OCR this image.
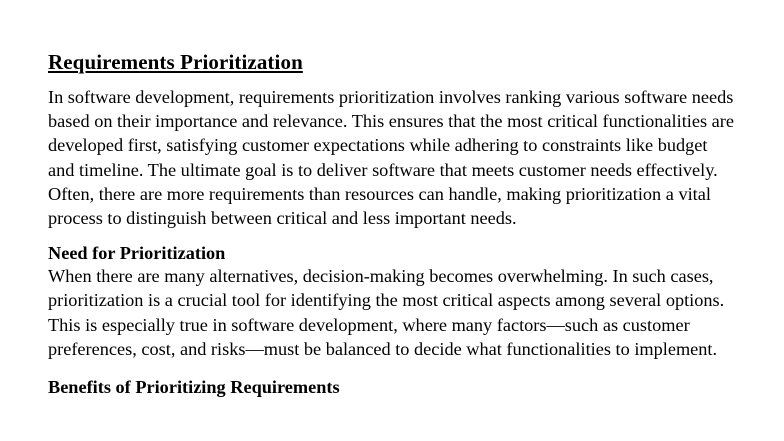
Requirements Prioritization

In software development, requirements prioritization involves ranking various software needs based on their importance and relevance. This ensures that the most critical functionalities are developed first, satisfying customer expectations while adhering to constraints like budget and timeline. The ultimate goal is to deliver software that meets customer needs effectively. Often, there are more requirements than resources can handle, making prioritization a vital process to distinguish between critical and less important needs.

Need for Prioritization

When there are many alternatives, decision-making becomes overwhelming. In such cases, prioritization is a crucial tool for identifying the most critical aspects among several options. This is especially true in software development, where many factors—such as customer preferences, cost, and risks—must be balanced to decide what functionalities to implement.

Benefits of Prioritizing Requirements
